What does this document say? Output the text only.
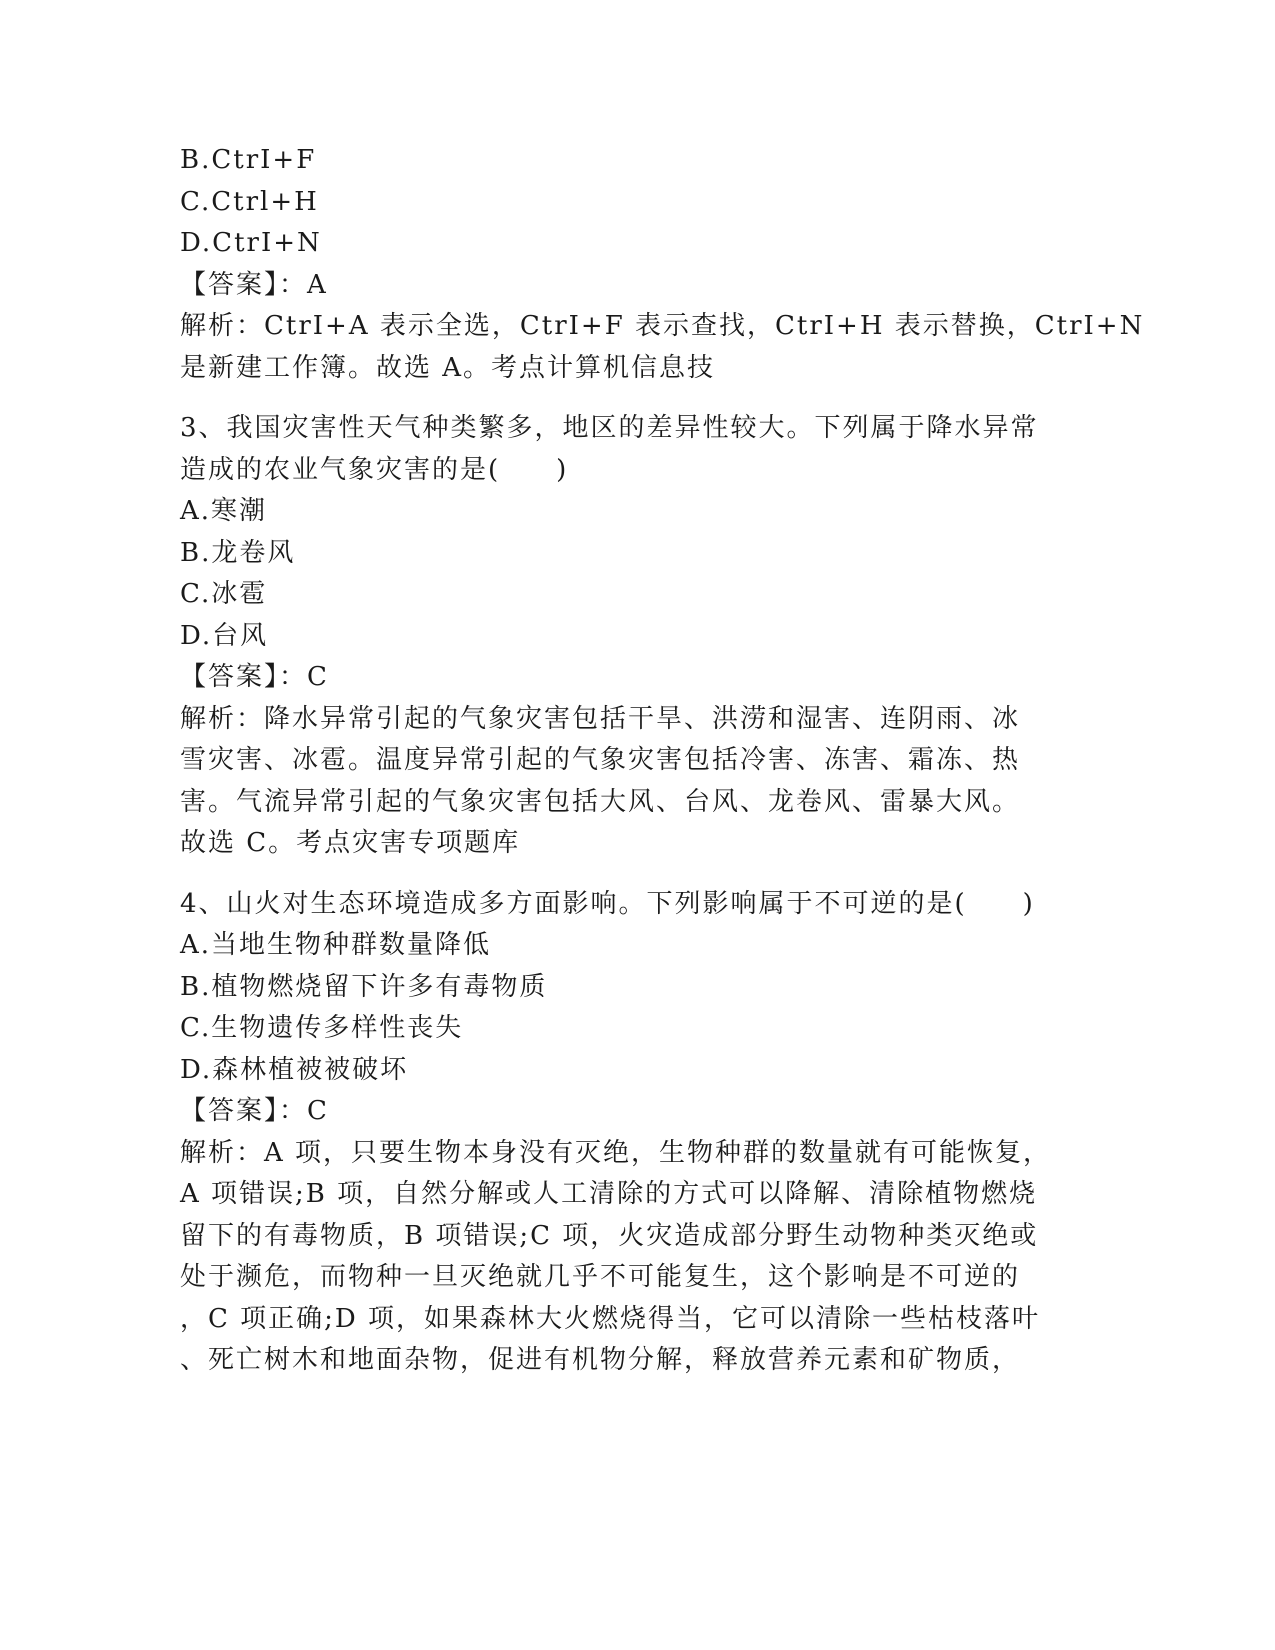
B.CtrI+F
C.Ctrl+H
D.CtrI+N
【答案】：A
解析：CtrI+A 表示全选，CtrI+F 表示查找，CtrI+H 表示替换，CtrI+N
是新建工作簿。故选 A。考点计算机信息技
3、我国灾害性天气种类繁多，地区的差异性较大。下列属于降水异常
造成的农业气象灾害的是(　　)
A.寒潮
B.龙卷风
C.冰雹
D.台风
【答案】：C
解析：降水异常引起的气象灾害包括干旱、洪涝和湿害、连阴雨、冰
雪灾害、冰雹。温度异常引起的气象灾害包括冷害、冻害、霜冻、热
害。气流异常引起的气象灾害包括大风、台风、龙卷风、雷暴大风。
故选 C。考点灾害专项题库
4、山火对生态环境造成多方面影响。下列影响属于不可逆的是(　　)
A.当地生物种群数量降低
B.植物燃烧留下许多有毒物质
C.生物遗传多样性丧失
D.森林植被被破坏
【答案】：C
解析：A 项，只要生物本身没有灭绝，生物种群的数量就有可能恢复，
A 项错误;B 项，自然分解或人工清除的方式可以降解、清除植物燃烧
留下的有毒物质，B 项错误;C 项，火灾造成部分野生动物种类灭绝或
处于濒危，而物种一旦灭绝就几乎不可能复生，这个影响是不可逆的
，C 项正确;D 项，如果森林大火燃烧得当，它可以清除一些枯枝落叶
、死亡树木和地面杂物，促进有机物分解，释放营养元素和矿物质，
